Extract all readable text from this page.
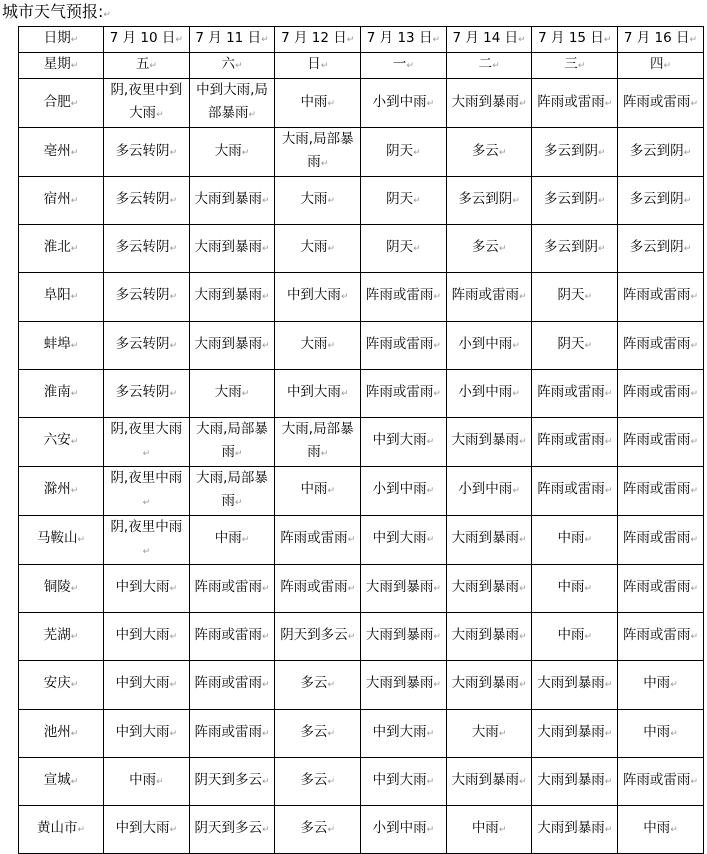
城市天气预报: ↵
日期 ↵	7 月 10 日 ↵	7 月 11 日 ↵	7 月 12 日 ↵	7 月 13 日 ↵	7 月 14 日 ↵	7 月 15 日 ↵	7 月 16 日 ↵
星期 ↵	五 ↵	六 ↵	日 ↵	一 ↵	二 ↵	三 ↵	四 ↵
合肥 ↵	阴,夜里中到大雨 ↵	中到大雨,局部暴雨 ↵	中雨 ↵	小到中雨 ↵	大雨到暴雨 ↵	阵雨或雷雨 ↵	阵雨或雷雨 ↵
亳州 ↵	多云转阴 ↵	大雨 ↵	大雨,局部暴雨 ↵	阴天 ↵	多云 ↵	多云到阴 ↵	多云到阴 ↵
宿州 ↵	多云转阴 ↵	大雨到暴雨 ↵	大雨 ↵	阴天 ↵	多云到阴 ↵	多云到阴 ↵	多云到阴 ↵
淮北 ↵	多云转阴 ↵	大雨到暴雨 ↵	大雨 ↵	阴天 ↵	多云 ↵	多云到阴 ↵	多云到阴 ↵
阜阳 ↵	多云转阴 ↵	大雨到暴雨 ↵	中到大雨 ↵	阵雨或雷雨 ↵	阵雨或雷雨 ↵	阴天 ↵	阵雨或雷雨 ↵
蚌埠 ↵	多云转阴 ↵	大雨到暴雨 ↵	大雨 ↵	阵雨或雷雨 ↵	小到中雨 ↵	阴天 ↵	阵雨或雷雨 ↵
淮南 ↵	多云转阴 ↵	大雨 ↵	中到大雨 ↵	阵雨或雷雨 ↵	小到中雨 ↵	阵雨或雷雨 ↵	阵雨或雷雨 ↵
六安 ↵	阴,夜里大雨 ↵	大雨,局部暴雨 ↵	大雨,局部暴雨 ↵	中到大雨 ↵	大雨到暴雨 ↵	阵雨或雷雨 ↵	阵雨或雷雨 ↵
滁州 ↵	阴,夜里中雨 ↵	大雨,局部暴雨 ↵	中雨 ↵	小到中雨 ↵	小到中雨 ↵	阵雨或雷雨 ↵	阵雨或雷雨 ↵
马鞍山 ↵	阴,夜里中雨 ↵	中雨 ↵	阵雨或雷雨 ↵	中到大雨 ↵	大雨到暴雨 ↵	中雨 ↵	阵雨或雷雨 ↵
铜陵 ↵	中到大雨 ↵	阵雨或雷雨 ↵	阵雨或雷雨 ↵	大雨到暴雨 ↵	大雨到暴雨 ↵	中雨 ↵	阵雨或雷雨 ↵
芜湖 ↵	中到大雨 ↵	阵雨或雷雨 ↵	阴天到多云 ↵	大雨到暴雨 ↵	大雨到暴雨 ↵	中雨 ↵	阵雨或雷雨 ↵
安庆 ↵	中到大雨 ↵	阵雨或雷雨 ↵	多云 ↵	大雨到暴雨 ↵	大雨到暴雨 ↵	大雨到暴雨 ↵	中雨 ↵
池州 ↵	中到大雨 ↵	阵雨或雷雨 ↵	多云 ↵	中到大雨 ↵	大雨 ↵	大雨到暴雨 ↵	中雨 ↵
宣城 ↵	中雨 ↵	阴天到多云 ↵	多云 ↵	中到大雨 ↵	大雨到暴雨 ↵	大雨到暴雨 ↵	阵雨或雷雨 ↵
黄山市 ↵	中到大雨 ↵	阴天到多云 ↵	多云 ↵	小到中雨 ↵	中雨 ↵	大雨到暴雨 ↵	中雨 ↵
